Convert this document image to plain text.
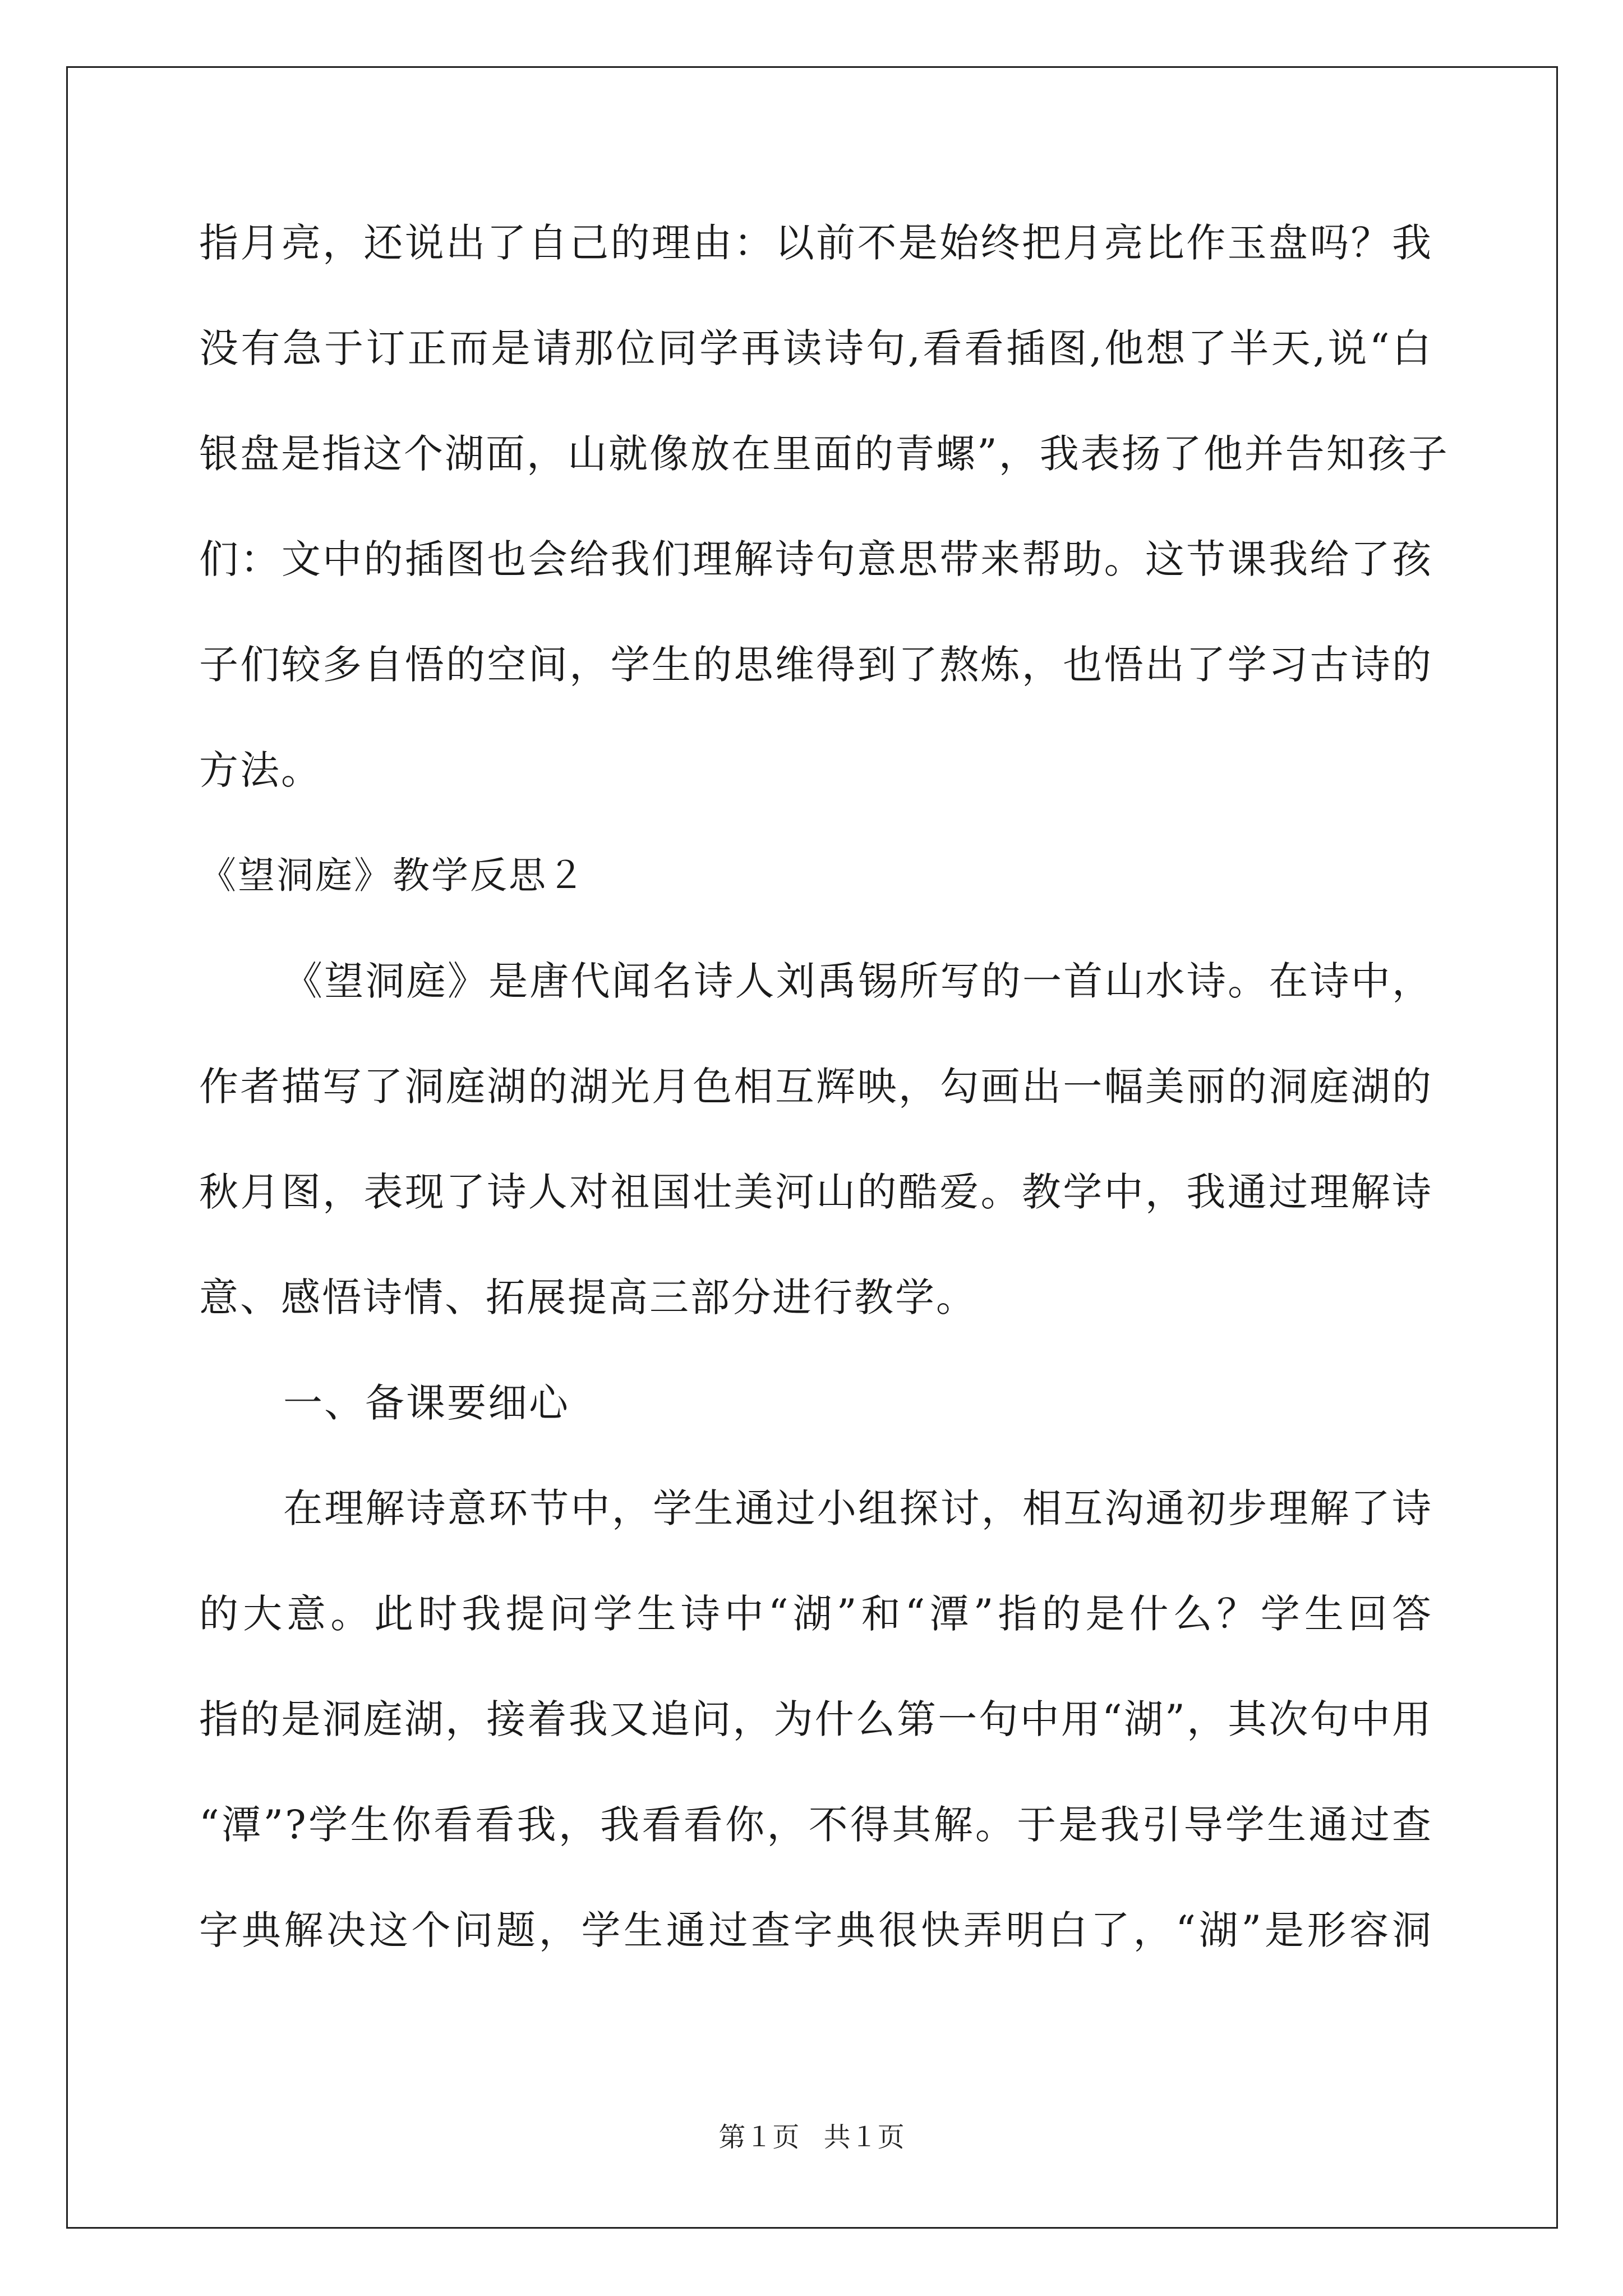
指月亮，还说出了自己的理由：以前不是始终把月亮比作玉盘吗？我
没有急于订正而是请那位同学再读诗句,看看插图,他想了半天,说“白
银盘是指这个湖面，山就像放在里面的青螺”，我表扬了他并告知孩子
们：文中的插图也会给我们理解诗句意思带来帮助。这节课我给了孩
子们较多自悟的空间，学生的思维得到了熬炼，也悟出了学习古诗的
方法。
《望洞庭》教学反思２
《望洞庭》是唐代闻名诗人刘禹锡所写的一首山水诗。在诗中，
作者描写了洞庭湖的湖光月色相互辉映，勾画出一幅美丽的洞庭湖的
秋月图，表现了诗人对祖国壮美河山的酷爱。教学中，我通过理解诗
意、感悟诗情、拓展提高三部分进行教学。
一、备课要细心
在理解诗意环节中，学生通过小组探讨，相互沟通初步理解了诗
的大意。此时我提问学生诗中“湖”和“潭”指的是什么？学生回答
指的是洞庭湖，接着我又追问，为什么第一句中用“湖”，其次句中用
“潭”?学生你看看我，我看看你，不得其解。于是我引导学生通过查
字典解决这个问题，学生通过查字典很快弄明白了，“湖”是形容洞
第１页 共１页
